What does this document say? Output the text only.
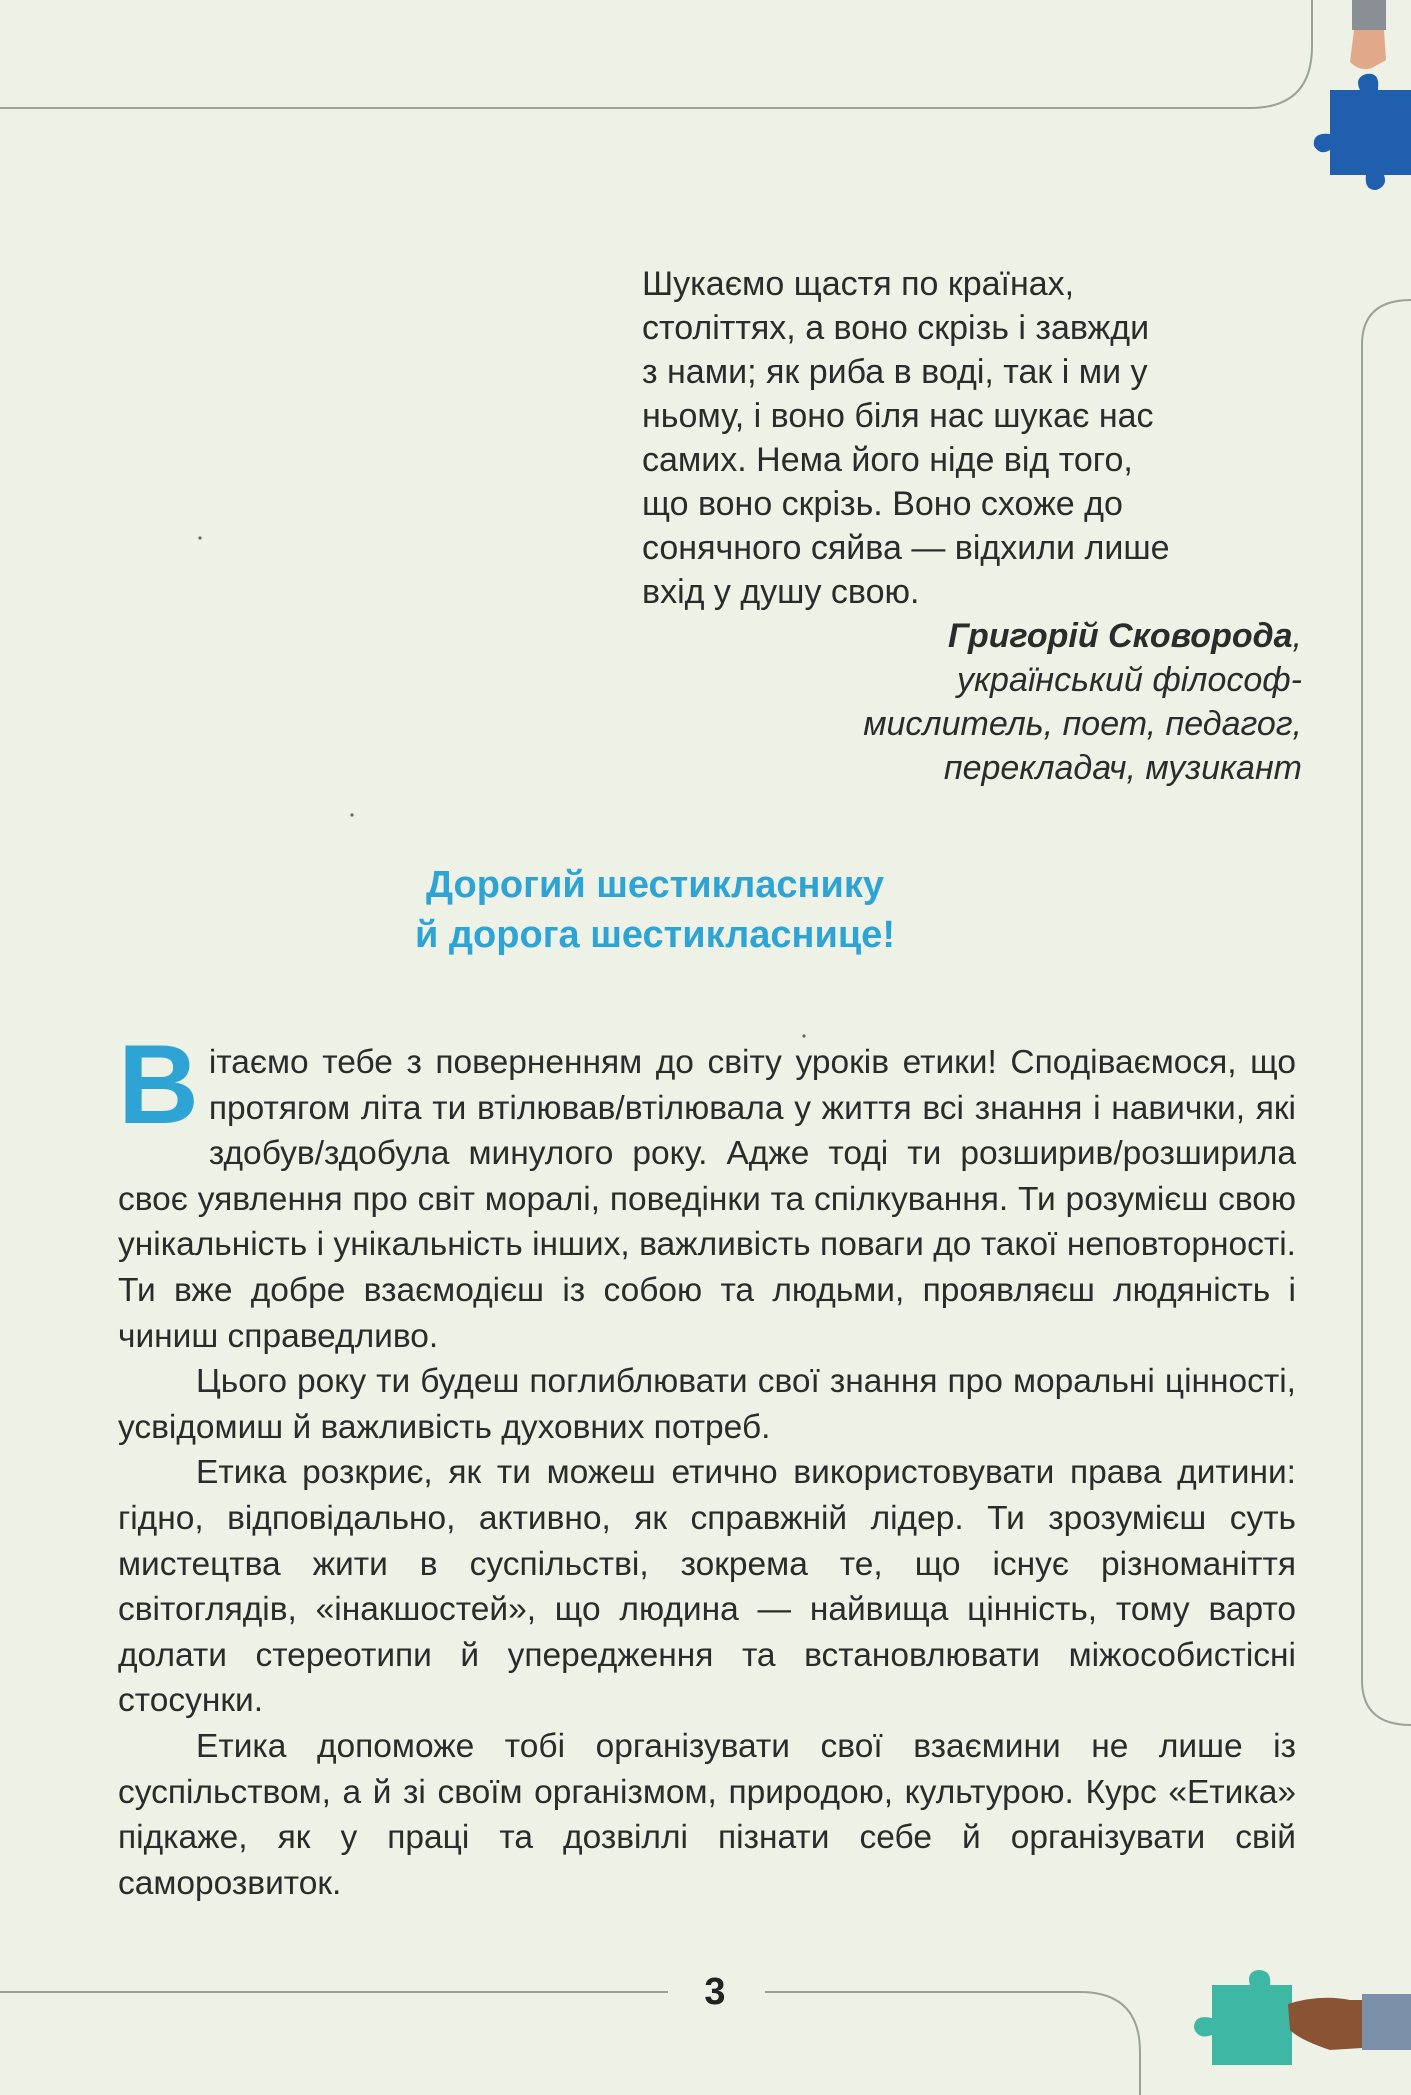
Шукаємо щастя по країнах,
століттях, а воно скрізь і завжди
з нами; як риба в воді, так і ми у
ньому, і воно біля нас шукає нас
самих. Нема його ніде від того,
що воно скрізь. Воно схоже до
сонячного сяйва — відхили лише
вхід у душу свою.
Григорій Сковорода,
український філософ-
мислитель, поет, педагог,
перекладач, музикант
Дорогий шестикласнику
й дорога шестикласнице!

Вітаємо тебе з поверненням до світу уроків етики! Сподіваємося, що протягом літа ти втілював/втілювала у життя всі знання і навички, які здобув/здобула минулого року. Адже тоді ти розширив/розширила своє уявлення про світ моралі, поведінки та спілкування. Ти розумієш свою унікальність і унікальність інших, важливість поваги до такої неповторності. Ти вже добре взаємодієш із собою та людьми, проявляєш людяність і чиниш справедливо.

Цього року ти будеш поглиблювати свої знання про моральні цінності, усвідомиш й важливість духовних потреб.

Етика розкриє, як ти можеш етично використовувати права дитини: гідно, відповідально, активно, як справжній лідер. Ти зрозумієш суть мистецтва жити в суспільстві, зокрема те, що існує різноманіття світоглядів, «інакшостей», що людина — найвища цінність, тому варто долати стереотипи й упередження та встановлювати міжособистісні стосунки.

Етика допоможе тобі організувати свої взаємини не лише із суспільством, а й зі своїм організмом, природою, культурою. Курс «Етика» підкаже, як у праці та дозвіллі пізнати себе й організувати свій саморозвиток.

3
